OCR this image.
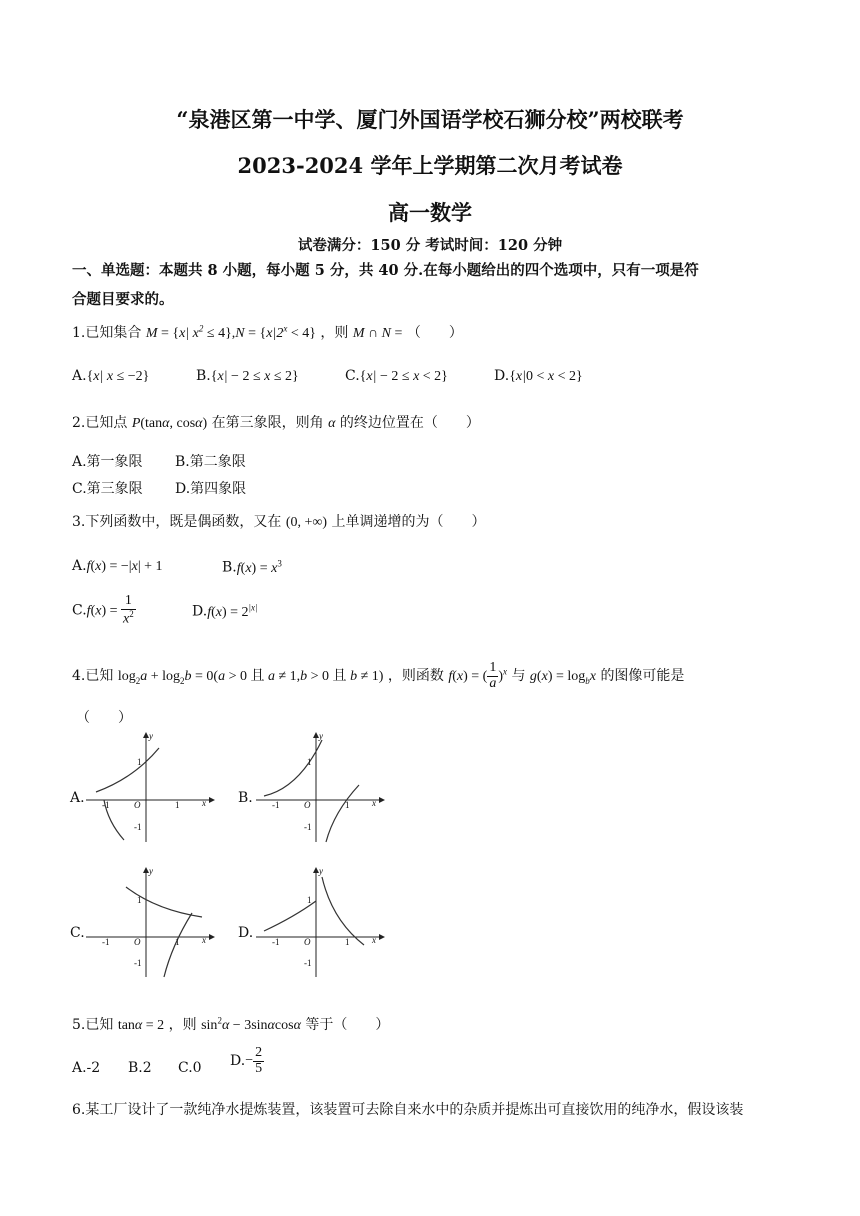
“泉港区第一中学、厦门外国语学校石狮分校”两校联考
2023-2024 学年上学期第二次月考试卷
高一数学
试卷满分：150 分 考试时间：120 分钟
一、单选题：本题共 8 小题，每小题 5 分，共 40 分.在每小题给出的四个选项中，只有一项是符
合题目要求的。
1.已知集合 M = {x| $x^2 \le 4\},N = \{x|2^x < 4\}$ ，则 M ∩ N = （　　）
A.{x| x ≤ −2}	B.{x| − 2 ≤ x ≤ 2}	C.{x| − 2 ≤ x < 2}	D.{x|0 < x < 2}
2.已知点 P(tanα, cosα) 在第三象限，则角 α 的终边位置在（　　）
A.第一象限 B.第二象限
C.第三象限 D.第四象限
3.下列函数中，既是偶函数，又在 (0, +∞) 上单调递增的为（　　）
A.f(x) = −|x| + 1	$B.f(x) = x^3$
$C.f(x) = \frac{1}{x^2}$	$D.f(x) = 2^{|x|}$
4.已知 $\log_2a + \log_2b = 0(a > 0$ 且 a ≠ 1,b > 0 且 b ≠ 1) ，则函数 f(x) = ( $\frac{1}{a} )^x$ 与 $g(x) = \log_bx$ 的图像可能是
（　　）
A.	B.
C.	D.
y
1
-1	O	1	x
-1
y
1
-1	O	1	x
-1
y
1
-1	O	1	x
-1
y
1
-1	O	1	x
-1
5.已知 tanα = 2 ，则 $\sin^2\alpha - 3\sin\alpha\cos\alpha$ 等于（　　）
A.-2 B.2 C.0 $D.- \frac{2}{5}$
6.某工厂设计了一款纯净水提炼装置，该装置可去除自来水中的杂质并提炼出可直接饮用的纯净水，假设该装
